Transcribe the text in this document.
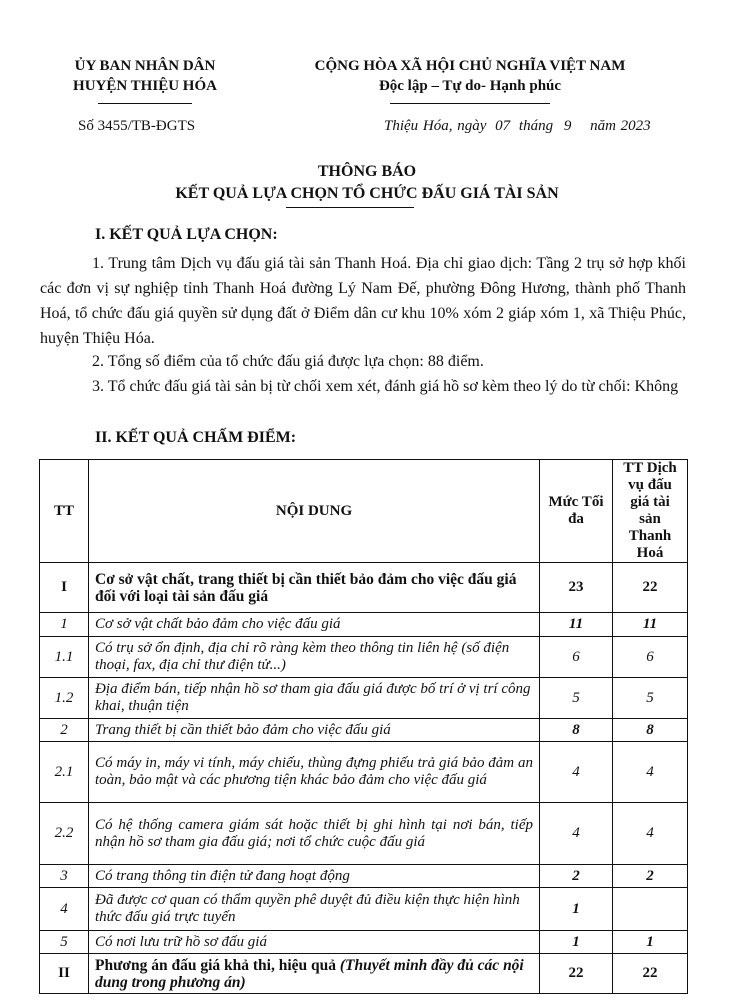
ỦY BAN NHÂN DÂN
HUYỆN THIỆU HÓA
CỘNG HÒA XÃ HỘI CHỦ NGHĨA VIỆT NAM
Độc lập – Tự do- Hạnh phúc
Số 3455/TB-ĐGTS	Thiệu Hóa, ngày 07 tháng 9 năm 2023
THÔNG BÁO
KẾT QUẢ LỰA CHỌN TỔ CHỨC ĐẤU GIÁ TÀI SẢN
I. KẾT QUẢ LỰA CHỌN:
1. Trung tâm Dịch vụ đấu giá tài sản Thanh Hoá. Địa chỉ giao dịch: Tầng 2 trụ sở hợp khối các đơn vị sự nghiệp tỉnh Thanh Hoá đường Lý Nam Đế, phường Đông Hương, thành phố Thanh Hoá, tổ chức đấu giá quyền sử dụng đất ở Điểm dân cư khu 10% xóm 2 giáp xóm 1, xã Thiệu Phúc, huyện Thiệu Hóa.
2. Tổng số điểm của tổ chức đấu giá được lựa chọn: 88 điểm.
3. Tổ chức đấu giá tài sản bị từ chối xem xét, đánh giá hồ sơ kèm theo lý do từ chối: Không
II. KẾT QUẢ CHẤM ĐIỂM:
TT	NỘI DUNG	Mức Tối đa	TT Dịch vụ đấu giá tài sản Thanh Hoá
I	Cơ sở vật chất, trang thiết bị cần thiết bảo đảm cho việc đấu giá đối với loại tài sản đấu giá	23	22
1	Cơ sở vật chất bảo đảm cho việc đấu giá	11	11
1.1	Có trụ sở ổn định, địa chỉ rõ ràng kèm theo thông tin liên hệ (số điện thoại, fax, địa chỉ thư điện tử...)	6	6
1.2	Địa điểm bán, tiếp nhận hồ sơ tham gia đấu giá được bố trí ở vị trí công khai, thuận tiện	5	5
2	Trang thiết bị cần thiết bảo đảm cho việc đấu giá	8	8
2.1	Có máy in, máy vi tính, máy chiếu, thùng đựng phiếu trả giá bảo đảm an toàn, bảo mật và các phương tiện khác bảo đảm cho việc đấu giá	4	4
2.2	Có hệ thống camera giám sát hoặc thiết bị ghi hình tại nơi bán, tiếp nhận hồ sơ tham gia đấu giá; nơi tổ chức cuộc đấu giá	4	4
3	Có trang thông tin điện tử đang hoạt động	2	2
4	Đã được cơ quan có thẩm quyền phê duyệt đủ điều kiện thực hiện hình thức đấu giá trực tuyến	1	
5	Có nơi lưu trữ hồ sơ đấu giá	1	1
II	Phương án đấu giá khả thi, hiệu quả (Thuyết minh đầy đủ các nội dung trong phương án)	22	22
